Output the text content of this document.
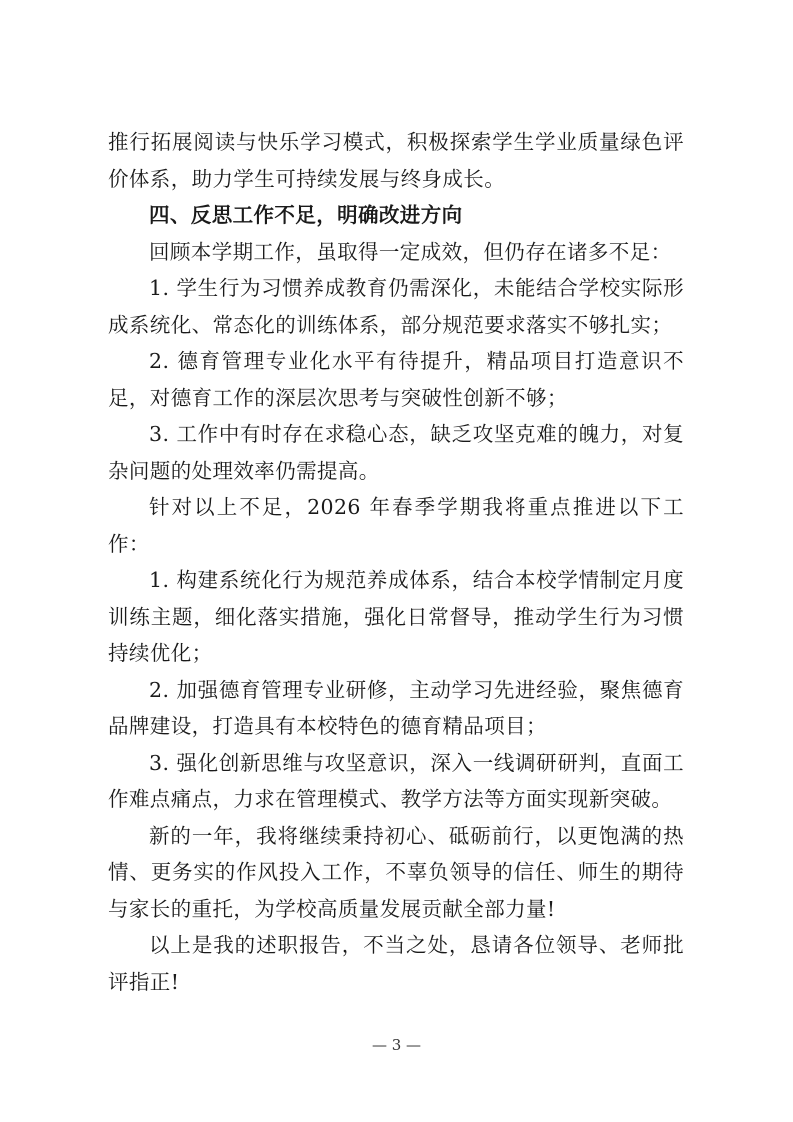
推行拓展阅读与快乐学习模式，积极探索学生学业质量绿色评价体系，助力学生可持续发展与终身成长。

四、反思工作不足，明确改进方向

回顾本学期工作，虽取得一定成效，但仍存在诸多不足：

1. 学生行为习惯养成教育仍需深化，未能结合学校实际形成系统化、常态化的训练体系，部分规范要求落实不够扎实；

2. 德育管理专业化水平有待提升，精品项目打造意识不足，对德育工作的深层次思考与突破性创新不够；

3. 工作中有时存在求稳心态，缺乏攻坚克难的魄力，对复杂问题的处理效率仍需提高。

针对以上不足，2026 年春季学期我将重点推进以下工作：

1. 构建系统化行为规范养成体系，结合本校学情制定月度训练主题，细化落实措施，强化日常督导，推动学生行为习惯持续优化；

2. 加强德育管理专业研修，主动学习先进经验，聚焦德育品牌建设，打造具有本校特色的德育精品项目；

3. 强化创新思维与攻坚意识，深入一线调研研判，直面工作难点痛点，力求在管理模式、教学方法等方面实现新突破。

新的一年，我将继续秉持初心、砥砺前行，以更饱满的热情、更务实的作风投入工作，不辜负领导的信任、师生的期待与家长的重托，为学校高质量发展贡献全部力量!

以上是我的述职报告，不当之处，恳请各位领导、老师批评指正!

— 3 —
